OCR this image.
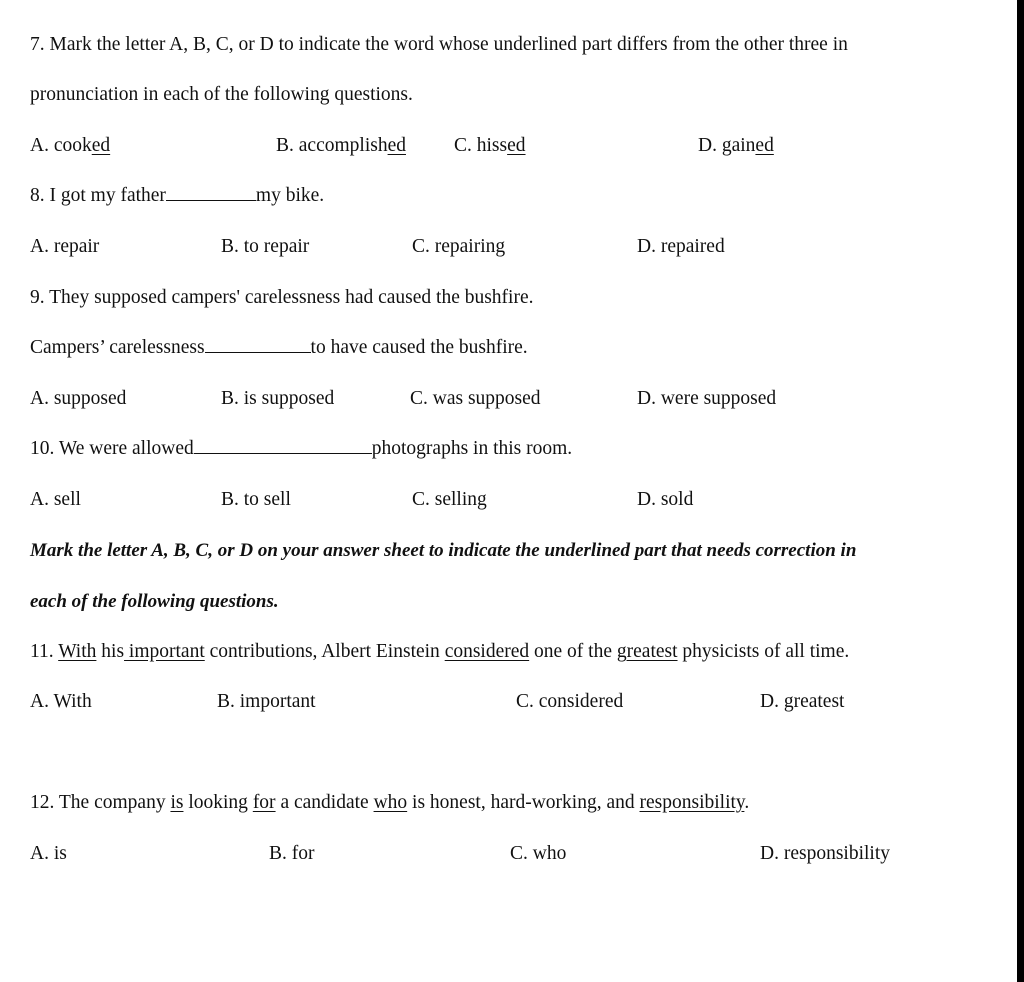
7. Mark the letter A, B, C, or D to indicate the word whose underlined part differs from the other three in
pronunciation in each of the following questions.
A. cooked	B. accomplished C. hissed	D. gained
8. I got my father	my bike.
A. repair	B. to repair	C. repairing	D. repaired
9. They supposed campers' carelessness had caused the bushfire.
Campers’ carelessness	to have caused the bushfire.
A. supposed	B. is supposed	C. was supposed	D. were supposed
10. We were allowed	photographs in this room.
A. sell	B. to sell	C. selling	D. sold
Mark the letter A, B, C, or D on your answer sheet to indicate the underlined part that needs correction in
each of the following questions.
11. With his important contributions, Albert Einstein considered one of the greatest physicists of all time.
A. With	B. important	C. considered	D. greatest
12. The company is looking for a candidate who is honest, hard-working, and responsibility.
A. is	B. for	C. who	D. responsibility
